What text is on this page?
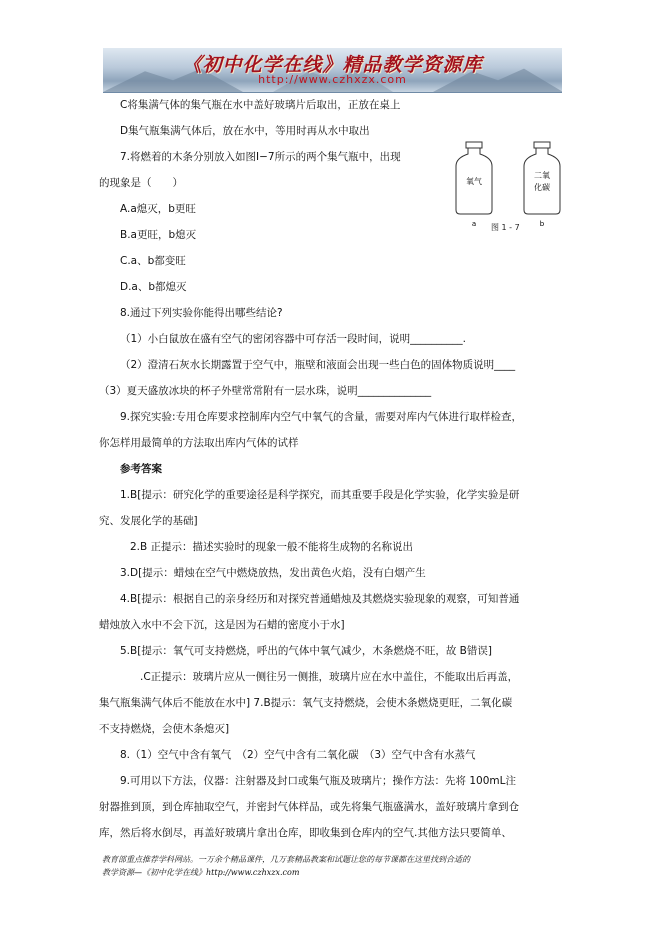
《初中化学在线》精品教学资源库
http://www.czhxzx.com
C将集满气体的集气瓶在水中盖好玻璃片后取出，正放在桌上
D集气瓶集满气体后，放在水中，等用时再从水中取出
7.将燃着的木条分别放入如图Ⅰ−7所示的两个集气瓶中，出现
的现象是（　　）
A.a熄灭，b更旺
B.a更旺，b熄灭
C.a、b都变旺
D.a、b都熄灭
8.通过下列实验你能得出哪些结论?
（1）小白鼠放在盛有空气的密闭容器中可存活一段时间，说明__________.
（2）澄清石灰水长期露置于空气中，瓶壁和液面会出现一些白色的固体物质说明____
（3）夏天盛放冰块的杯子外壁常常附有一层水珠，说明______________
9.探究实验:专用仓库要求控制库内空气中氧气的含量，需要对库内气体进行取样检查，
你怎样用最简单的方法取出库内气体的试样
参考答案
1.B[提示：研究化学的重要途径是科学探究，而其重要手段是化学实验，化学实验是研
究、发展化学的基础]
2.B 正提示：描述实验时的现象一般不能将生成物的名称说出
3.D[提示：蜡烛在空气中燃烧放热，发出黄色火焰，没有白烟产生
4.B[提示：根据自己的亲身经历和对探究普通蜡烛及其燃烧实验现象的观察，可知普通
蜡烛放入水中不会下沉，这是因为石蜡的密度小于水]
5.B[提示：氧气可支持燃烧，呼出的气体中氧气减少，木条燃烧不旺，故 B错误]
.C正提示：玻璃片应从一侧往另一侧推，玻璃片应在水中盖住，不能取出后再盖，
集气瓶集满气体后不能放在水中] 7.B提示：氧气支持燃烧，会使木条燃烧更旺，二氧化碳
不支持燃烧，会使木条熄灭]
8.（1）空气中含有氧气　（2）空气中含有二氧化碳　（3）空气中含有水蒸气
9.可用以下方法，仪器：注射器及封口或集气瓶及玻璃片；操作方法：先将 100mL注
射器推到顶，到仓库抽取空气，并密封气体样品，或先将集气瓶盛满水，盖好玻璃片拿到仓
库，然后将水倒尽，再盖好玻璃片拿出仓库，即收集到仓库内的空气.其他方法只要简单、
氧气
a
二氧
化碳
b
图 1 - 7
教育部重点推荐学科网站。一万余个精品课件，几万套精品教案和试题让您的每节课都在这里找到合适的
教学资源—《初中化学在线》http://www.czhxzx.com
